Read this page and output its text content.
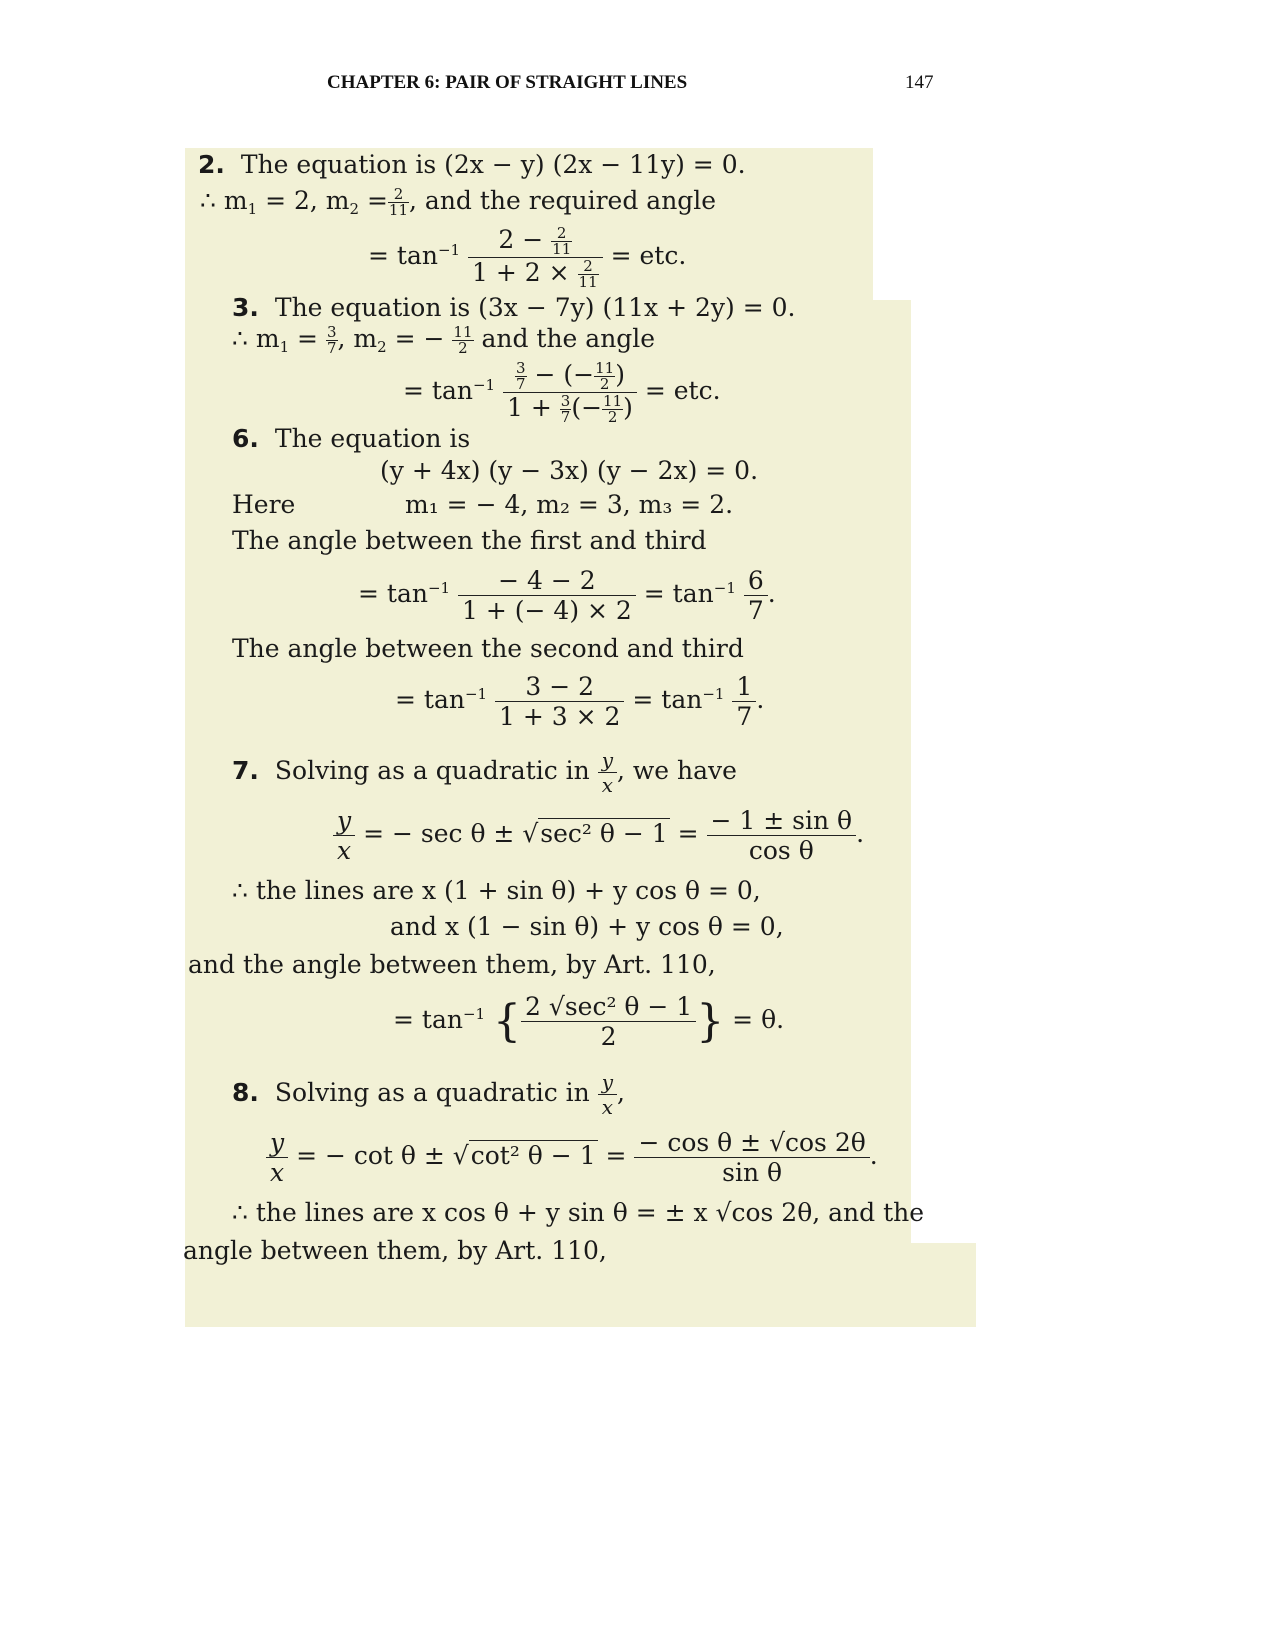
CHAPTER 6: PAIR OF STRAIGHT LINES	147
2. The equation is (2x − y) (2x − 11y) = 0.
∴ $m_1 = 2$, $m_2 = \frac{2}{11}$ , and the required angle
= $\tan^{-1} \frac{2 - \frac{2}{11}}{1 + 2 \times \frac{2}{11}}$ = etc.
3. The equation is (3x − 7y) (11x + 2y) = 0.
∴ $m_1 = \frac{3}{7}$ , $m_2$ = − $\frac{11}{2}$ and the angle
= $\tan^{-1} \frac{\frac{3}{7} - (- \frac{11}{2} )}{1 + \frac{3}{7} (- \frac{11}{2} )}$ = etc.
6. The equation is
(y + 4x) (y − 3x) (y − 2x) = 0.
Here	m₁ = − 4, m₂ = 3, m₃ = 2.
The angle between the first and third
= $\tan^{-1} \frac{- 4 - 2}{1 + (- 4) \times 2} = \tan^{-1} \frac{6}{7}$ .
The angle between the second and third
= $\tan^{-1} \frac{3 - 2}{1 + 3 \times 2} = \tan^{-1} \frac{1}{7}$ .
7. Solving as a quadratic in $\frac{y}{x}$ , we have
$\frac{y}{x}$ = − sec θ ± √sec² $\theta - 1 = \frac{\text{− 1 ± sin θ}}{\text{cos θ}}$ .
∴ the lines are x (1 + sin θ) + y cos θ = 0,
and x (1 − sin θ) + y cos θ = 0,
and the angle between them, by Art. 110,
= $\tan^{-1}$ { $\frac{\text{2 √sec² θ − 1}}{2}$ } = θ.
8. Solving as a quadratic in $\frac{y}{x}$ ,
$\frac{y}{x}$ = − cot θ ± √cot² $\theta - 1 = \frac{\text{− cos θ ± √cos 2θ}}{\text{sin θ}}$ .
∴ the lines are x cos θ + y sin θ = ± x √cos 2θ, and the
angle between them, by Art. 110,
